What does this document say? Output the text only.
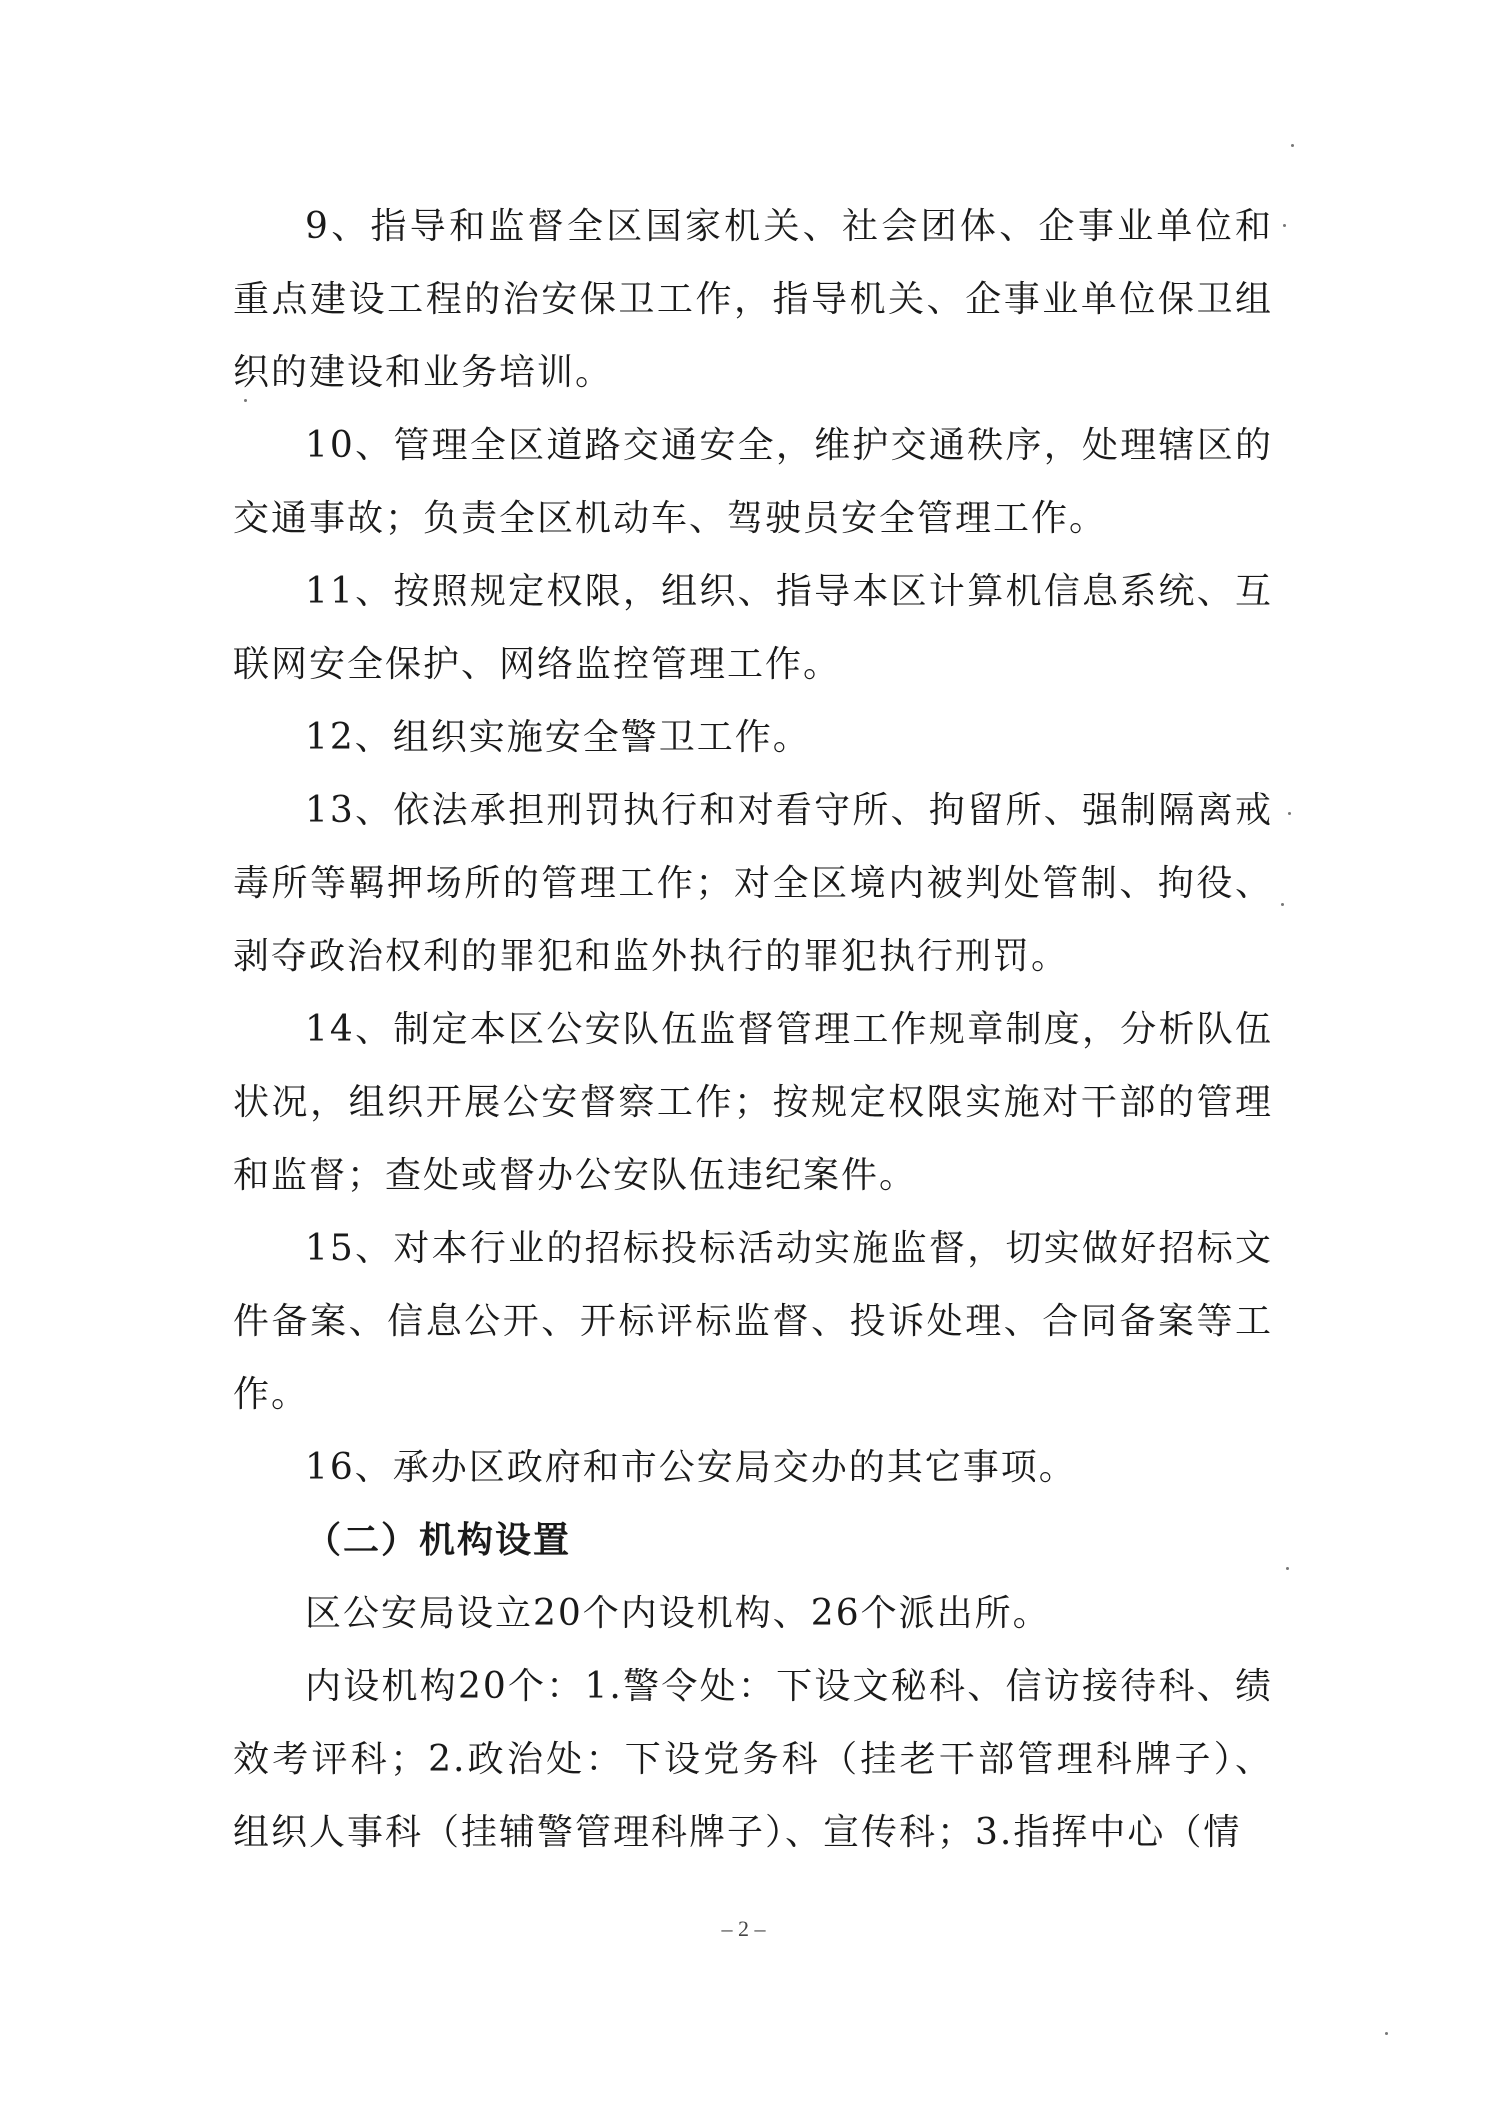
9、指导和监督全区国家机关、社会团体、企事业单位和重点建设工程的治安保卫工作，指导机关、企事业单位保卫组织的建设和业务培训。

10、管理全区道路交通安全，维护交通秩序，处理辖区的交通事故；负责全区机动车、驾驶员安全管理工作。

11、按照规定权限，组织、指导本区计算机信息系统、互联网安全保护、网络监控管理工作。

12、组织实施安全警卫工作。

13、依法承担刑罚执行和对看守所、拘留所、强制隔离戒毒所等羁押场所的管理工作；对全区境内被判处管制、拘役、剥夺政治权利的罪犯和监外执行的罪犯执行刑罚。

14、制定本区公安队伍监督管理工作规章制度，分析队伍状况，组织开展公安督察工作；按规定权限实施对干部的管理和监督；查处或督办公安队伍违纪案件。

15、对本行业的招标投标活动实施监督，切实做好招标文件备案、信息公开、开标评标监督、投诉处理、合同备案等工作。

16、承办区政府和市公安局交办的其它事项。

（二）机构设置

区公安局设立20个内设机构、26个派出所。

内设机构20个：1.警令处：下设文秘科、信访接待科、绩效考评科；2.政治处：下设党务科（挂老干部管理科牌子）、组织人事科（挂辅警管理科牌子）、宣传科；3.指挥中心（情

– 2 –
